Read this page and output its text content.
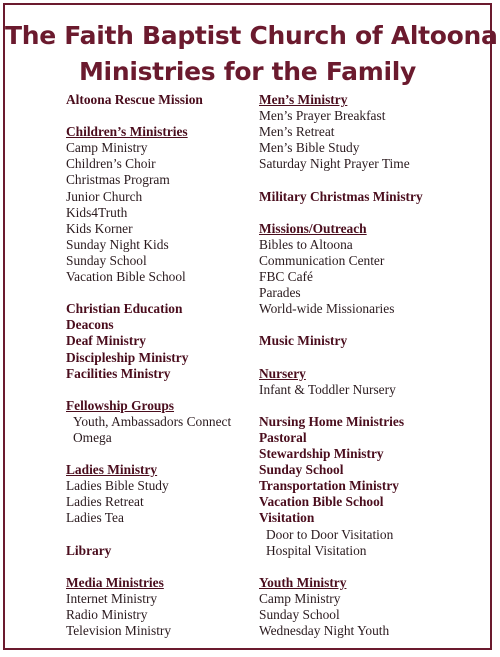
The Faith Baptist Church of Altoona
Ministries for the Family
Altoona Rescue Mission
Children’s Ministries
Camp Ministry
Children’s Choir
Christmas Program
Junior Church
Kids4Truth
Kids Korner
Sunday Night Kids
Sunday School
Vacation Bible School
Christian Education
Deacons
Deaf Ministry
Discipleship Ministry
Facilities Ministry
Fellowship Groups
Youth, Ambassadors Connect
Omega
Ladies Ministry
Ladies Bible Study
Ladies Retreat
Ladies Tea
Library
Media Ministries
Internet Ministry
Radio Ministry
Television Ministry
Men’s Ministry
Men’s Prayer Breakfast
Men’s Retreat
Men’s Bible Study
Saturday Night Prayer Time
Military Christmas Ministry
Missions/Outreach
Bibles to Altoona
Communication Center
FBC Café
Parades
World-wide Missionaries
Music Ministry
Nursery
Infant & Toddler Nursery
Nursing Home Ministries
Pastoral
Stewardship Ministry
Sunday School
Transportation Ministry
Vacation Bible School
Visitation
Door to Door Visitation
Hospital Visitation
Youth Ministry
Camp Ministry
Sunday School
Wednesday Night Youth
